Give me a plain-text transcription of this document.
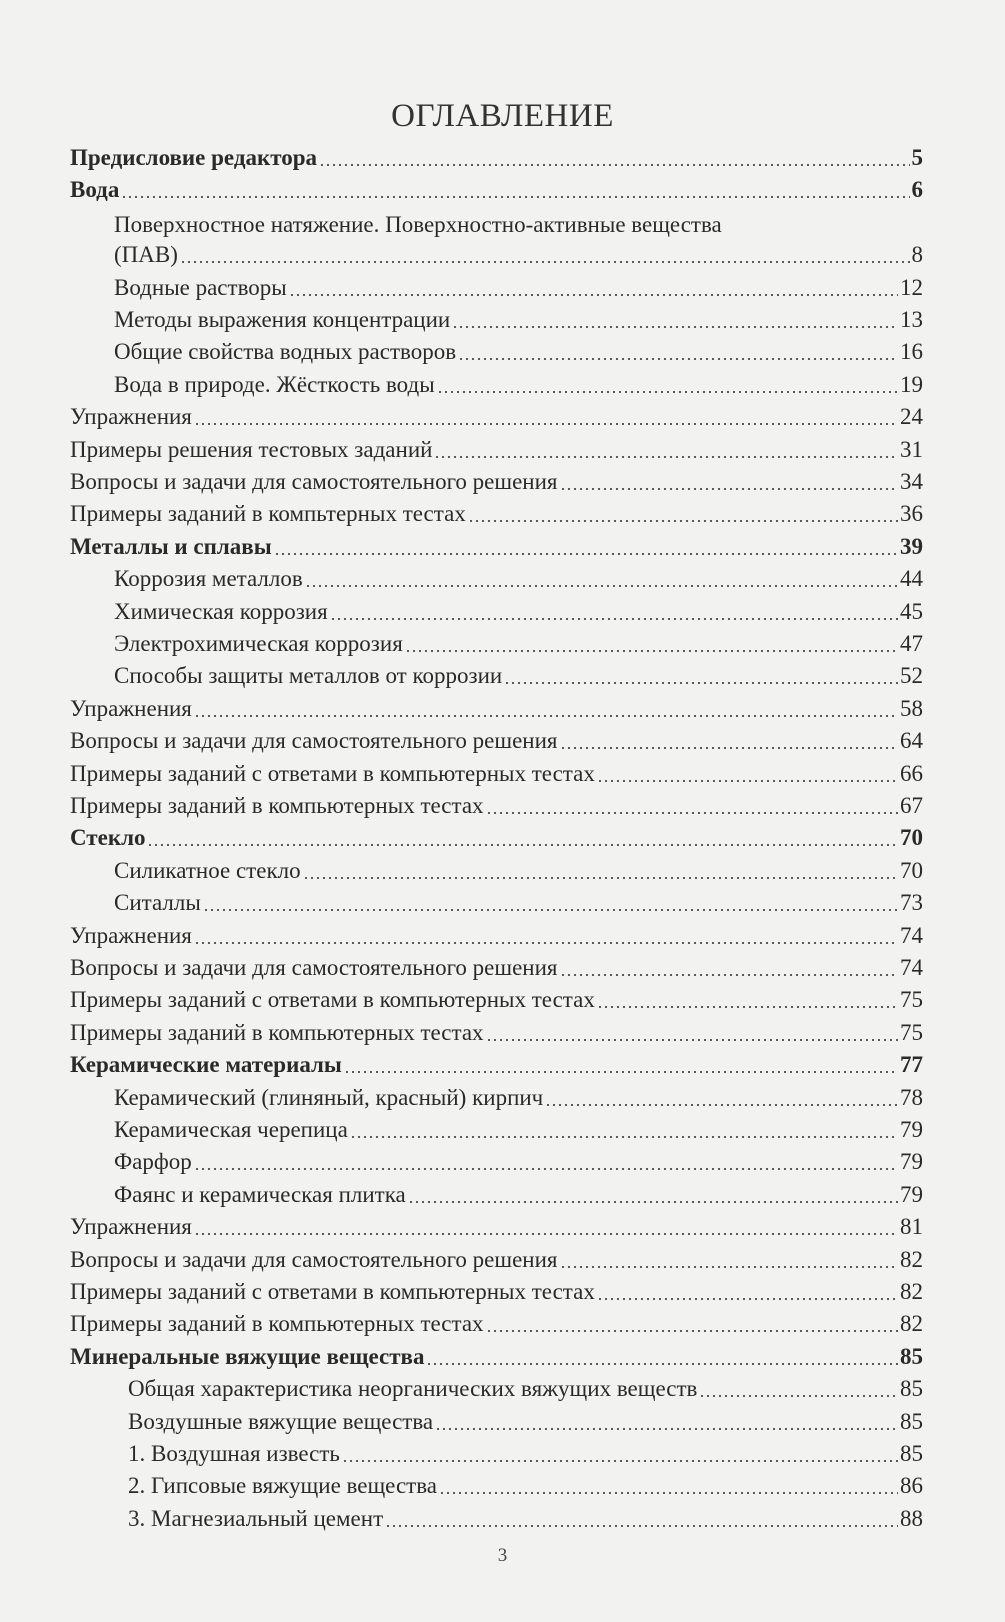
ОГЛАВЛЕНИЕ
Предисловие редактора	5
Вода	6
Поверхностное натяжение. Поверхностно-активные вещества
(ПАВ)	8
Водные растворы	12
Методы выражения концентрации	13
Общие свойства водных растворов	16
Вода в природе. Жёсткость воды	19
Упражнения	24
Примеры решения тестовых заданий	31
Вопросы и задачи для самостоятельного решения	34
Примеры заданий в компьтерных тестах	36
Металлы и сплавы	39
Коррозия металлов	44
Химическая коррозия	45
Электрохимическая коррозия	47
Способы защиты металлов от коррозии	52
Упражнения	58
Вопросы и задачи для самостоятельного решения	64
Примеры заданий с ответами в компьютерных тестах	66
Примеры заданий в компьютерных тестах	67
Стекло	70
Силикатное стекло	70
Ситаллы	73
Упражнения	74
Вопросы и задачи для самостоятельного решения	74
Примеры заданий с ответами в компьютерных тестах	75
Примеры заданий в компьютерных тестах	75
Керамические материалы	77
Керамический (глиняный, красный) кирпич	78
Керамическая черепица	79
Фарфор	79
Фаянс и керамическая плитка	79
Упражнения	81
Вопросы и задачи для самостоятельного решения	82
Примеры заданий с ответами в компьютерных тестах	82
Примеры заданий в компьютерных тестах	82
Минеральные вяжущие вещества	85
Общая характеристика неорганических вяжущих веществ	85
Воздушные вяжущие вещества	85
1. Воздушная известь	85
2. Гипсовые вяжущие вещества	86
3. Магнезиальный цемент	88
3
